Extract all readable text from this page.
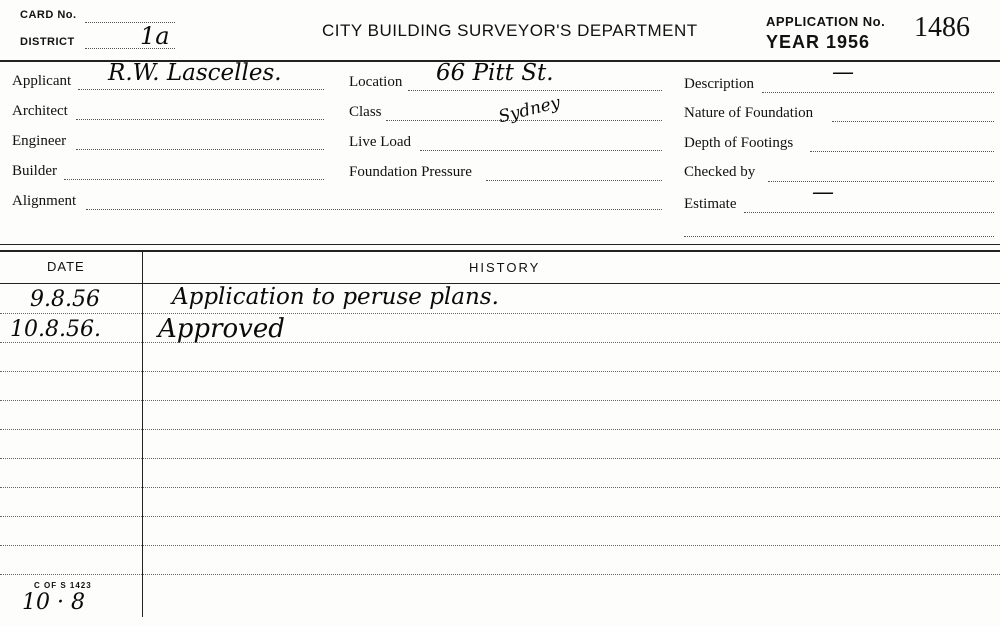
CARD No.
DISTRICT	1a	CITY BUILDING SURVEYOR'S DEPARTMENT	APPLICATION No. 1486
YEAR 1956
Applicant R.W. Lascelles.
Architect
Engineer
Builder
Alignment
Location 66 Pitt St.
Class	Sydney
Live Load
Foundation Pressure
Description	—
Nature of Foundation
Depth of Footings
Checked by
Estimate	—
DATE	HISTORY
9.8.56	Application to peruse plans.
10.8.56. Approved
C OF S 1423
10 · 8
